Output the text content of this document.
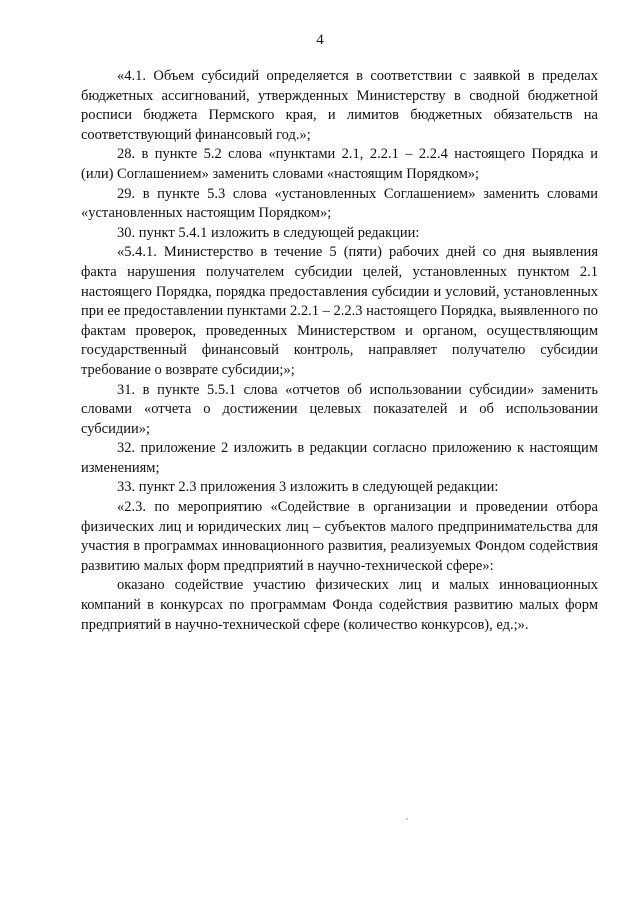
4

«4.1. Объем субсидий определяется в соответствии с заявкой в пределах бюджетных ассигнований, утвержденных Министерству в сводной бюджетной росписи бюджета Пермского края, и лимитов бюджетных обязательств на соответствующий финансовый год.»;

28. в пункте 5.2 слова «пунктами 2.1, 2.2.1 – 2.2.4 настоящего Порядка и (или) Соглашением» заменить словами «настоящим Порядком»;

29. в пункте 5.3 слова «установленных Соглашением» заменить словами «установленных настоящим Порядком»;

30. пункт 5.4.1 изложить в следующей редакции:

«5.4.1. Министерство в течение 5 (пяти) рабочих дней со дня выявления факта нарушения получателем субсидии целей, установленных пунктом 2.1 настоящего Порядка, порядка предоставления субсидии и условий, установленных при ее предоставлении пунктами 2.2.1 – 2.2.3 настоящего Порядка, выявленного по фактам проверок, проведенных Министерством и органом, осуществляющим государственный финансовый контроль, направляет получателю субсидии требование о возврате субсидии;»;

31. в пункте 5.5.1 слова «отчетов об использовании субсидии» заменить словами «отчета о достижении целевых показателей и об использовании субсидии»;

32. приложение 2 изложить в редакции согласно приложению к настоящим изменениям;

33. пункт 2.3 приложения 3 изложить в следующей редакции:

«2.3. по мероприятию «Содействие в организации и проведении отбора физических лиц и юридических лиц – субъектов малого предпринимательства для участия в программах инновационного развития, реализуемых Фондом содействия развитию малых форм предприятий в научно-технической сфере»:

оказано содействие участию физических лиц и малых инновационных компаний в конкурсах по программам Фонда содействия развитию малых форм предприятий в научно-технической сфере (количество конкурсов), ед.;».
